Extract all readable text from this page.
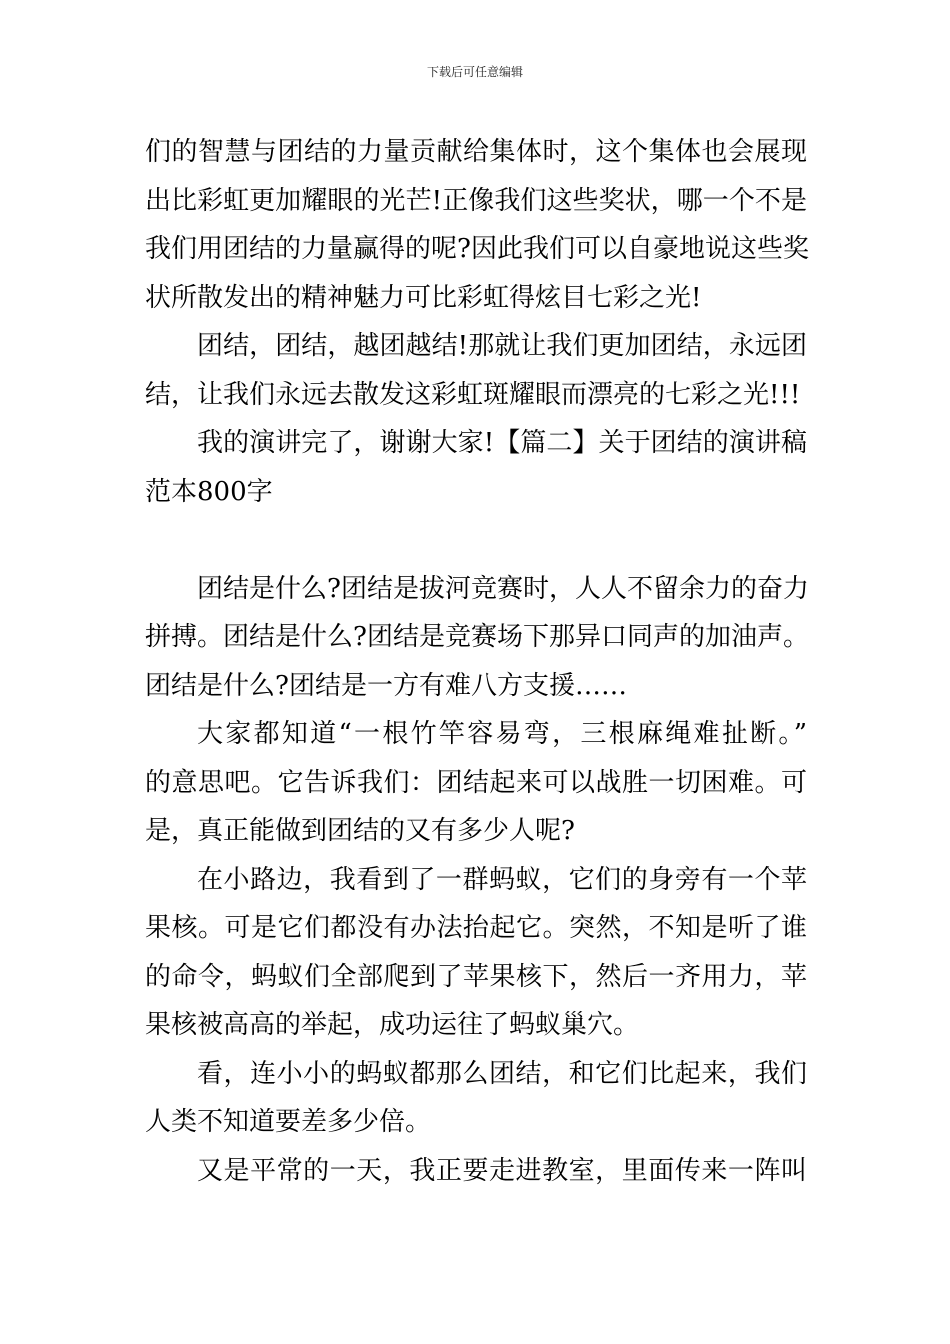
下载后可任意编辑
们的智慧与团结的力量贡献给集体时，这个集体也会展现
出比彩虹更加耀眼的光芒!正像我们这些奖状，哪一个不是
我们用团结的力量赢得的呢?因此我们可以自豪地说这些奖
状所散发出的精神魅力可比彩虹得炫目七彩之光!
团结，团结，越团越结!那就让我们更加团结，永远团
结，让我们永远去散发这彩虹斑耀眼而漂亮的七彩之光!!!
我的演讲完了，谢谢大家!【篇二】关于团结的演讲稿
范本800字
团结是什么?团结是拔河竞赛时，人人不留余力的奋力
拼搏。团结是什么?团结是竞赛场下那异口同声的加油声。
团结是什么?团结是一方有难八方支援……
大家都知道“一根竹竿容易弯，三根麻绳难扯断。”
的意思吧。它告诉我们：团结起来可以战胜一切困难。可
是，真正能做到团结的又有多少人呢?
在小路边，我看到了一群蚂蚁，它们的身旁有一个苹
果核。可是它们都没有办法抬起它。突然，不知是听了谁
的命令，蚂蚁们全部爬到了苹果核下，然后一齐用力，苹
果核被高高的举起，成功运往了蚂蚁巢穴。
看，连小小的蚂蚁都那么团结，和它们比起来，我们
人类不知道要差多少倍。
又是平常的一天，我正要走进教室，里面传来一阵叫
